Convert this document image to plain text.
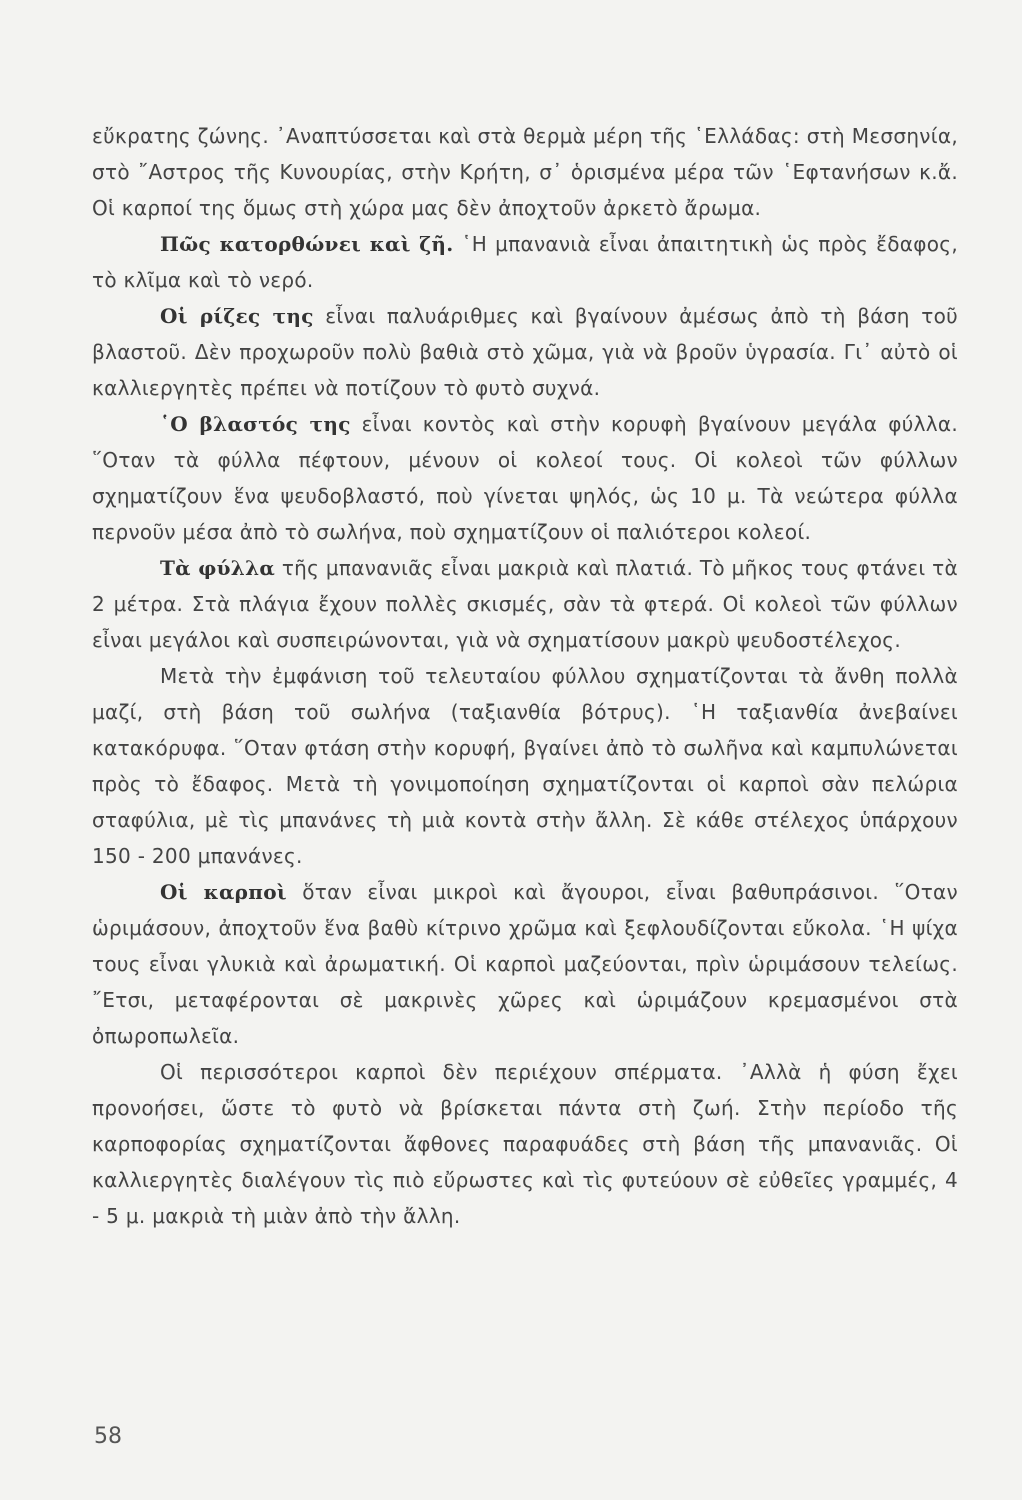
εὔκρατης ζώνης. ᾿Αναπτύσσεται καὶ στὰ θερμὰ μέρη τῆς ῾Ελλάδας: στὴ Μεσσηνία, στὸ ῎Αστρος τῆς Κυνουρίας, στὴν Κρήτη, σ᾿ ὁρισμένα μέρα τῶν ῾Εφτανήσων κ.ἄ. Οἱ καρποί της ὅμως στὴ χώρα μας δὲν ἀποχτοῦν ἀρκετὸ ἄρωμα.

Πῶς κατορθώνει καὶ ζῆ. ῾Η μπανανιὰ εἶναι ἀπαιτητικὴ ὡς πρὸς ἔδαφος, τὸ κλῖμα καὶ τὸ νερό.

Οἱ ρίζες της εἶναι παλυάριθμες καὶ βγαίνουν ἀμέσως ἀπὸ τὴ βάση τοῦ βλαστοῦ. Δὲν προχωροῦν πολὺ βαθιὰ στὸ χῶμα, γιὰ νὰ βροῦν ὑγρασία. Γι᾿ αὐτὸ οἱ καλλιεργητὲς πρέπει νὰ ποτίζουν τὸ φυτὸ συχνά.

῾Ο βλαστός της εἶναι κοντὸς καὶ στὴν κορυφὴ βγαίνουν μεγάλα φύλλα. ῞Οταν τὰ φύλλα πέφτουν, μένουν οἱ κολεοί τους. Οἱ κολεοὶ τῶν φύλλων σχηματίζουν ἕνα ψευδοβλαστό, ποὺ γίνεται ψηλός, ὡς 10 μ. Τὰ νεώτερα φύλλα περνοῦν μέσα ἀπὸ τὸ σωλήνα, ποὺ σχηματίζουν οἱ παλιότεροι κολεοί.

Τὰ φύλλα τῆς μπανανιᾶς εἶναι μακριὰ καὶ πλατιά. Τὸ μῆκος τους φτάνει τὰ 2 μέτρα. Στὰ πλάγια ἔχουν πολλὲς σκισμές, σὰν τὰ φτερά. Οἱ κολεοὶ τῶν φύλλων εἶναι μεγάλοι καὶ συσπειρώνονται, γιὰ νὰ σχηματίσουν μακρὺ ψευδοστέλεχος.

Μετὰ τὴν ἐμφάνιση τοῦ τελευταίου φύλλου σχηματίζονται τὰ ἄνθη πολλὰ μαζί, στὴ βάση τοῦ σωλήνα (ταξιανθία βότρυς). ῾Η ταξιανθία ἀνεβαίνει κατακόρυφα. ῞Οταν φτάση στὴν κορυφή, βγαίνει ἀπὸ τὸ σωλῆνα καὶ καμπυλώνεται πρὸς τὸ ἔδαφος. Μετὰ τὴ γονιμοποίηση σχηματίζονται οἱ καρποὶ σὰν πελώρια σταφύλια, μὲ τὶς μπανάνες τὴ μιὰ κοντὰ στὴν ἄλλη. Σὲ κάθε στέλεχος ὑπάρχουν 150 - 200 μπανάνες.

Οἱ καρποὶ ὅταν εἶναι μικροὶ καὶ ἄγουροι, εἶναι βαθυπράσινοι. ῞Οταν ὡριμάσουν, ἀποχτοῦν ἕνα βαθὺ κίτρινο χρῶμα καὶ ξεφλουδίζονται εὔκολα. ῾Η ψίχα τους εἶναι γλυκιὰ καὶ ἀρωματική. Οἱ καρποὶ μαζεύονται, πρὶν ὡριμάσουν τελείως. ῎Ετσι, μεταφέρονται σὲ μακρινὲς χῶρες καὶ ὡριμάζουν κρεμασμένοι στὰ ὀπωροπωλεῖα.

Οἱ περισσότεροι καρποὶ δὲν περιέχουν σπέρματα. ᾿Αλλὰ ἡ φύση ἔχει προνοήσει, ὥστε τὸ φυτὸ νὰ βρίσκεται πάντα στὴ ζωή. Στὴν περίοδο τῆς καρποφορίας σχηματίζονται ἄφθονες παραφυάδες στὴ βάση τῆς μπανανιᾶς. Οἱ καλλιεργητὲς διαλέγουν τὶς πιὸ εὔρωστες καὶ τὶς φυτεύουν σὲ εὐθεῖες γραμμές, 4 - 5 μ. μακριὰ τὴ μιὰν ἀπὸ τὴν ἄλλη.

58
